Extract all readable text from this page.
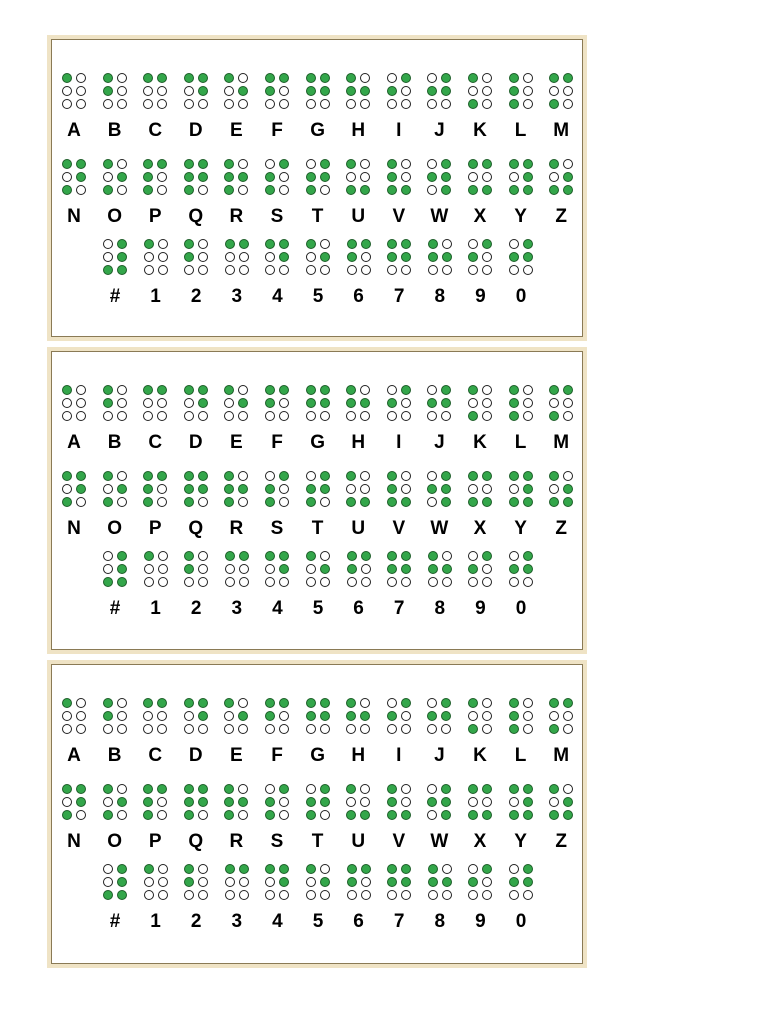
A	B	C	D	E	F	G	H	I	J	K	L	M
N	O	P	Q	R	S	T	U	V	W	X	Y	Z
#	1	2	3	4	5	6	7	8	9	0
A	B	C	D	E	F	G	H	I	J	K	L	M
N	O	P	Q	R	S	T	U	V	W	X	Y	Z
#	1	2	3	4	5	6	7	8	9	0
A	B	C	D	E	F	G	H	I	J	K	L	M
N	O	P	Q	R	S	T	U	V	W	X	Y	Z
#	1	2	3	4	5	6	7	8	9	0
